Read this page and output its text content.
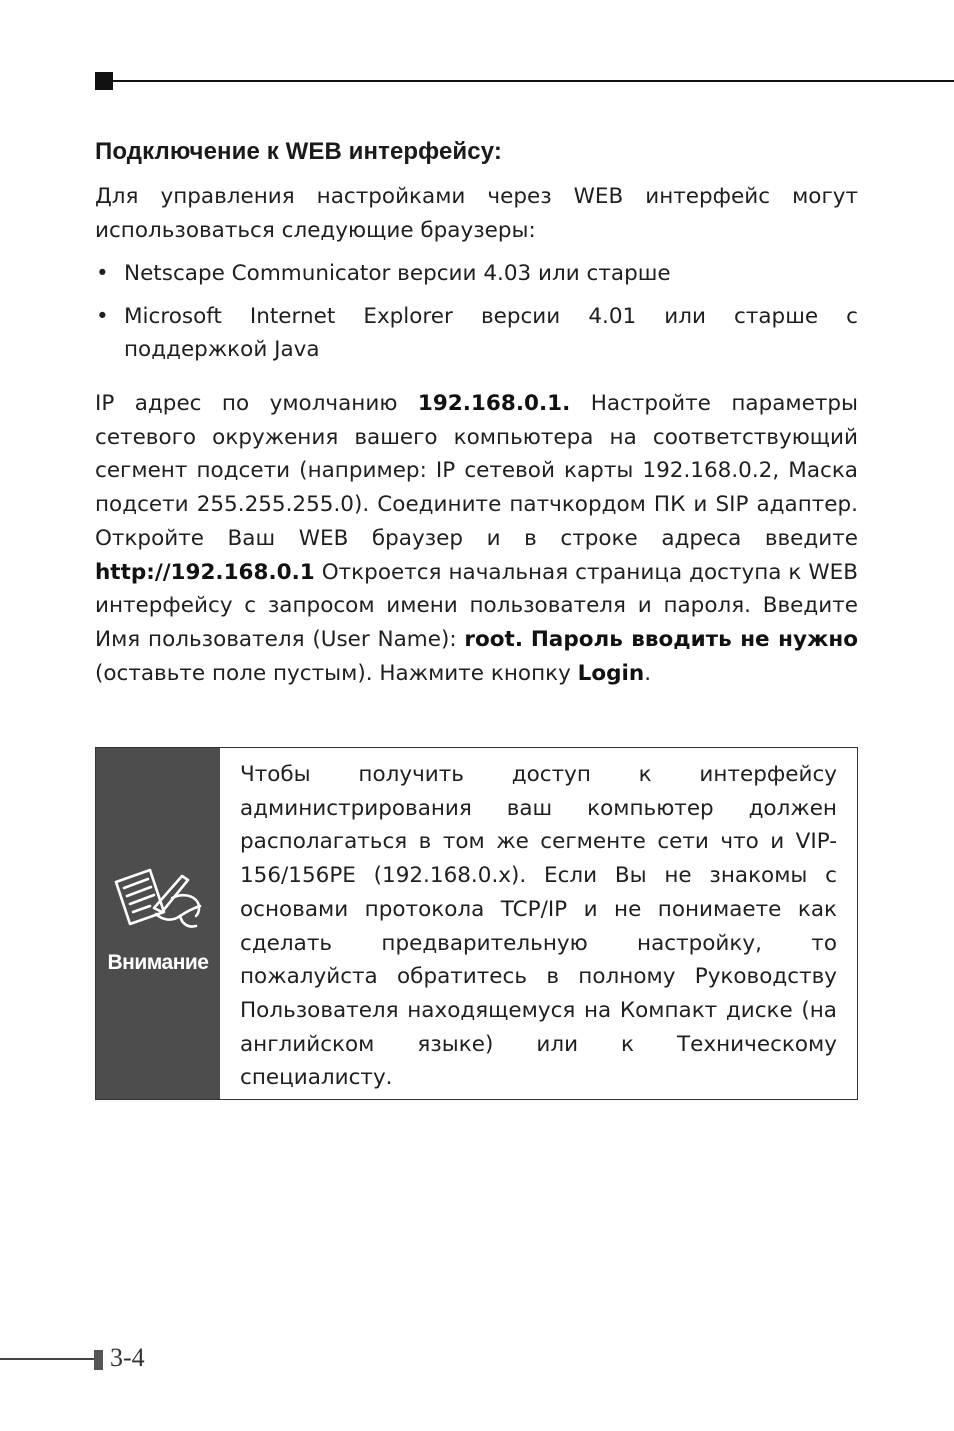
Подключение к WEB интерфейсу:

Для управления настройками через WEB интерфейс могут использоваться следующие браузеры:

• Netscape Communicator версии 4.03 или старше
• Microsoft Internet Explorer версии 4.01 или старше с поддержкой Java

IP адрес по умолчанию 192.168.0.1. Настройте параметры сетевого окружения вашего компьютера на соответствующий сегмент подсети (например: IP сетевой карты 192.168.0.2, Маска подсети 255.255.255.0). Соедините патчкордом ПК и SIP адаптер. Откройте Ваш WEB браузер и в строке адреса введите http://192.168.0.1 Откроется начальная страница доступа к WEB интерфейсу с запросом имени пользователя и пароля. Введите Имя пользователя (User Name): root. Пароль вводить не нужно (оставьте поле пустым). Нажмите кнопку Login.

Внимание

Чтобы получить доступ к интерфейсу администрирования ваш компьютер должен располагаться в том же сегменте сети что и VIP-156/156PE (192.168.0.x). Если Вы не знакомы с основами протокола TCP/IP и не понимаете как сделать предварительную настройку, то пожалуйста обратитесь в полному Руководству Пользователя находящемуся на Компакт диске (на английском языке) или к Техническому специалисту.

3-4
